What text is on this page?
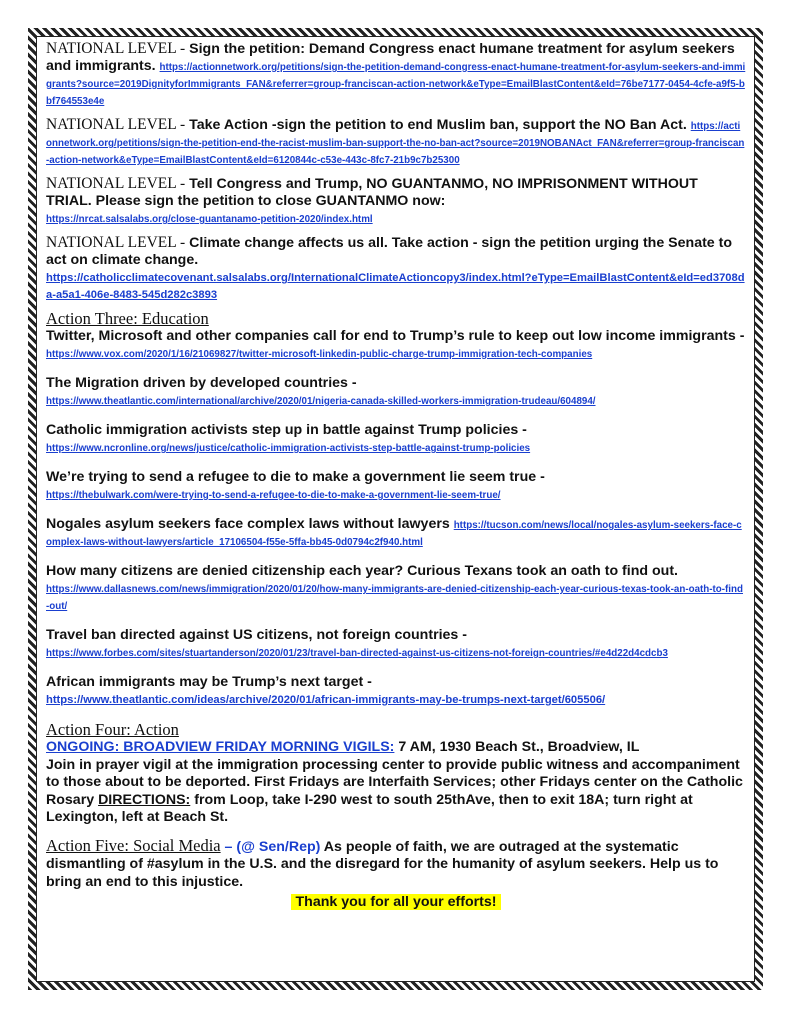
NATIONAL LEVEL - Sign the petition: Demand Congress enact humane treatment for asylum seekers and immigrants. https://actionnetwork.org/petitions/sign-the-petition-demand-congress-enact-humane-treatment-for-asylum-seekers-and-immigrants?source=2019DignityforImmigrants_FAN&referrer=group-franciscan-action-network&eType=EmailBlastContent&eId=76be7177-0454-4cfe-a9f5-bbf764553e4e
NATIONAL LEVEL - Take Action -sign the petition to end Muslim ban, support the NO Ban Act. https://actionnetwork.org/petitions/sign-the-petition-end-the-racist-muslim-ban-support-the-no-ban-act?source=2019NOBANAct_FAN&referrer=group-franciscan-action-network&eType=EmailBlastContent&eId=6120844c-c53e-443c-8fc7-21b9c7b25300
NATIONAL LEVEL - Tell Congress and Trump, NO GUANTANMO, NO IMPRISONMENT WITHOUT TRIAL. Please sign the petition to close GUANTANMO now:
https://nrcat.salsalabs.org/close-guantanamo-petition-2020/index.html
NATIONAL LEVEL - Climate change affects us all. Take action - sign the petition urging the Senate to act on climate change.
https://catholicclimatecovenant.salsalabs.org/InternationalClimateActioncopy3/index.html?eType=EmailBlastContent&eId=ed3708da-a5a1-406e-8483-545d282c3893
Action Three: Education
Twitter, Microsoft and other companies call for end to Trump’s rule to keep out low income immigrants - https://www.vox.com/2020/1/16/21069827/twitter-microsoft-linkedin-public-charge-trump-immigration-tech-companies
The Migration driven by developed countries -
https://www.theatlantic.com/international/archive/2020/01/nigeria-canada-skilled-workers-immigration-trudeau/604894/
Catholic immigration activists step up in battle against Trump policies -
https://www.ncronline.org/news/justice/catholic-immigration-activists-step-battle-against-trump-policies
We’re trying to send a refugee to die to make a government lie seem true -
https://thebulwark.com/were-trying-to-send-a-refugee-to-die-to-make-a-government-lie-seem-true/
Nogales asylum seekers face complex laws without lawyers https://tucson.com/news/local/nogales-asylum-seekers-face-complex-laws-without-lawyers/article_17106504-f55e-5ffa-bb45-0d0794c2f940.html
How many citizens are denied citizenship each year? Curious Texans took an oath to find out.
https://www.dallasnews.com/news/immigration/2020/01/20/how-many-immigrants-are-denied-citizenship-each-year-curious-texas-took-an-oath-to-find-out/
Travel ban directed against US citizens, not foreign countries -
https://www.forbes.com/sites/stuartanderson/2020/01/23/travel-ban-directed-against-us-citizens-not-foreign-countries/#e4d22d4cdcb3
African immigrants may be Trump’s next target -
https://www.theatlantic.com/ideas/archive/2020/01/african-immigrants-may-be-trumps-next-target/605506/
Action Four: Action
ONGOING: BROADVIEW FRIDAY MORNING VIGILS: 7 AM, 1930 Beach St., Broadview, IL
Join in prayer vigil at the immigration processing center to provide public witness and accompaniment to those about to be deported. First Fridays are Interfaith Services; other Fridays center on the Catholic Rosary DIRECTIONS: from Loop, take I-290 west to south 25thAve, then to exit 18A; turn right at Lexington, left at Beach St.
Action Five: Social Media – (@ Sen/Rep) As people of faith, we are outraged at the systematic dismantling of #asylum in the U.S. and the disregard for the humanity of asylum seekers. Help us to bring an end to this injustice.
Thank you for all your efforts!
